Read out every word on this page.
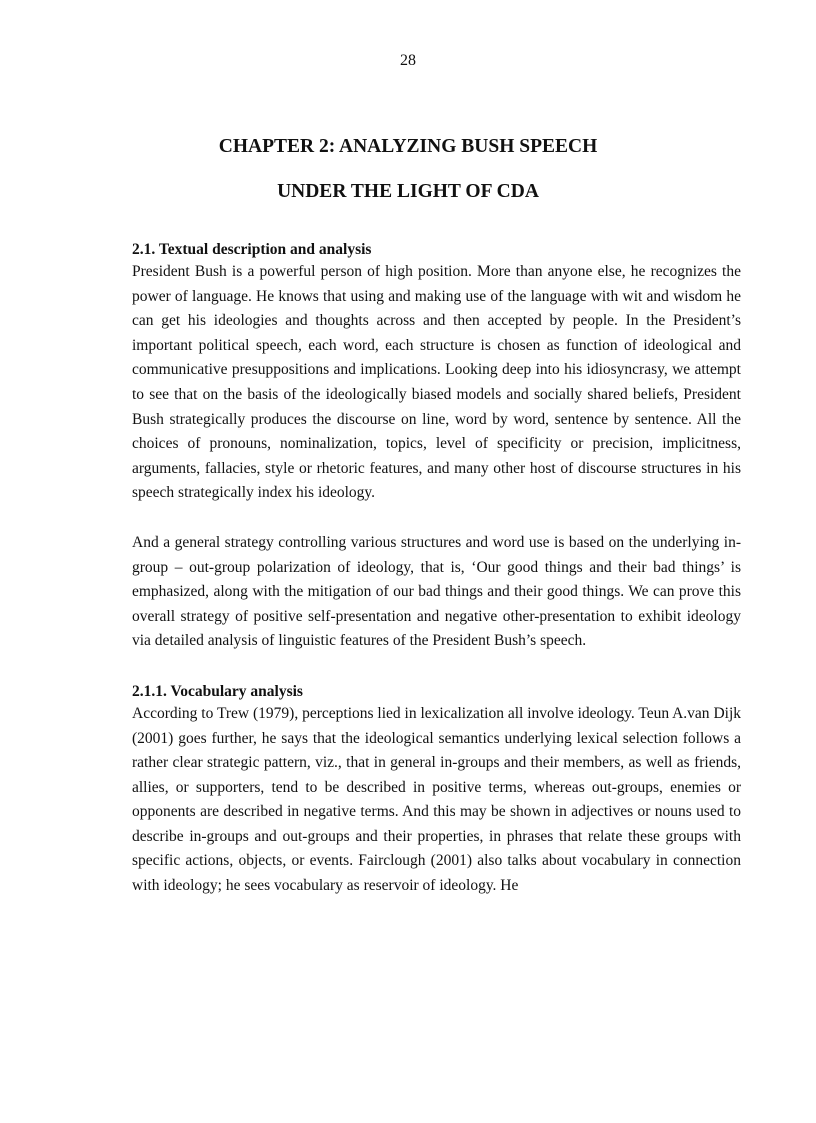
28
CHAPTER 2: ANALYZING BUSH SPEECH
UNDER THE LIGHT OF CDA
2.1. Textual description and analysis

President Bush is a powerful person of high position. More than anyone else, he recognizes the power of language. He knows that using and making use of the language with wit and wisdom he can get his ideologies and thoughts across and then accepted by people. In the President’s important political speech, each word, each structure is chosen as function of ideological and communicative presuppositions and implications. Looking deep into his idiosyncrasy, we attempt to see that on the basis of the ideologically biased models and socially shared beliefs, President Bush strategically produces the discourse on line, word by word, sentence by sentence. All the choices of pronouns, nominalization, topics, level of specificity or precision, implicitness, arguments, fallacies, style or rhetoric features, and many other host of discourse structures in his speech strategically index his ideology.

And a general strategy controlling various structures and word use is based on the underlying in-group – out-group polarization of ideology, that is, ‘Our good things and their bad things’ is emphasized, along with the mitigation of our bad things and their good things. We can prove this overall strategy of positive self-presentation and negative other-presentation to exhibit ideology via detailed analysis of linguistic features of the President Bush’s speech.

2.1.1. Vocabulary analysis

According to Trew (1979), perceptions lied in lexicalization all involve ideology. Teun A.van Dijk (2001) goes further, he says that the ideological semantics underlying lexical selection follows a rather clear strategic pattern, viz., that in general in-groups and their members, as well as friends, allies, or supporters, tend to be described in positive terms, whereas out-groups, enemies or opponents are described in negative terms. And this may be shown in adjectives or nouns used to describe in-groups and out-groups and their properties, in phrases that relate these groups with specific actions, objects, or events. Fairclough (2001) also talks about vocabulary in connection with ideology; he sees vocabulary as reservoir of ideology. He
